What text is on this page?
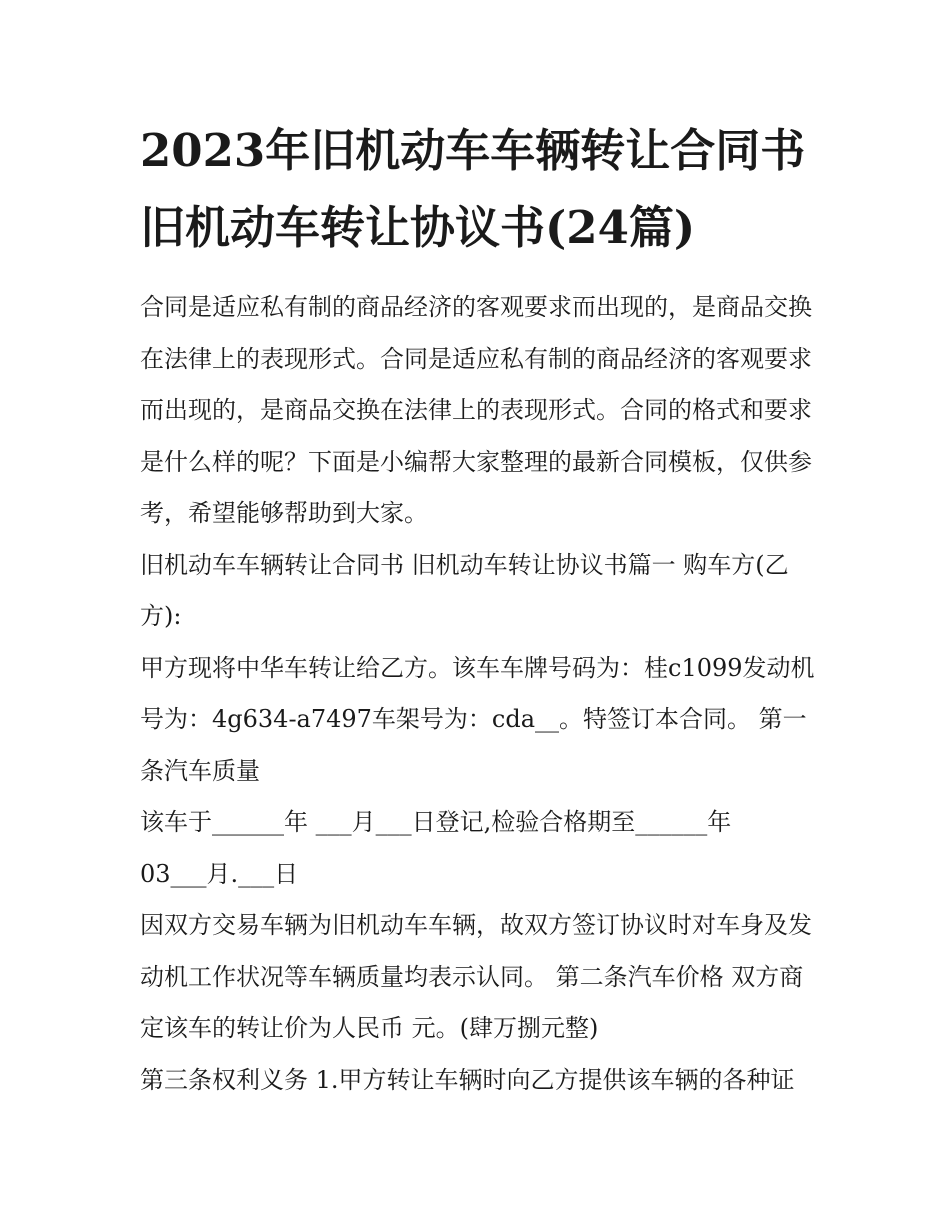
2023年旧机动车车辆转让合同书 旧机动车转让协议书(24篇)

合同是适应私有制的商品经济的客观要求而出现的，是商品交换在法律上的表现形式。合同是适应私有制的商品经济的客观要求而出现的，是商品交换在法律上的表现形式。合同的格式和要求是什么样的呢？下面是小编帮大家整理的最新合同模板，仅供参考，希望能够帮助到大家。

旧机动车车辆转让合同书 旧机动车转让协议书篇一 购车方(乙方):

甲方现将中华车转让给乙方。该车车牌号码为：桂c1099发动机号为：4g634-a7497车架号为：cda__。特签订本合同。 第一条汽车质量

该车于______年 ___月___日登记,检验合格期至______年

03___月.___日

因双方交易车辆为旧机动车车辆，故双方签订协议时对车身及发动机工作状况等车辆质量均表示认同。 第二条汽车价格 双方商定该车的转让价为人民币 元。(肆万捌元整)

第三条权利义务 1.甲方转让车辆时向乙方提供该车辆的各种证
